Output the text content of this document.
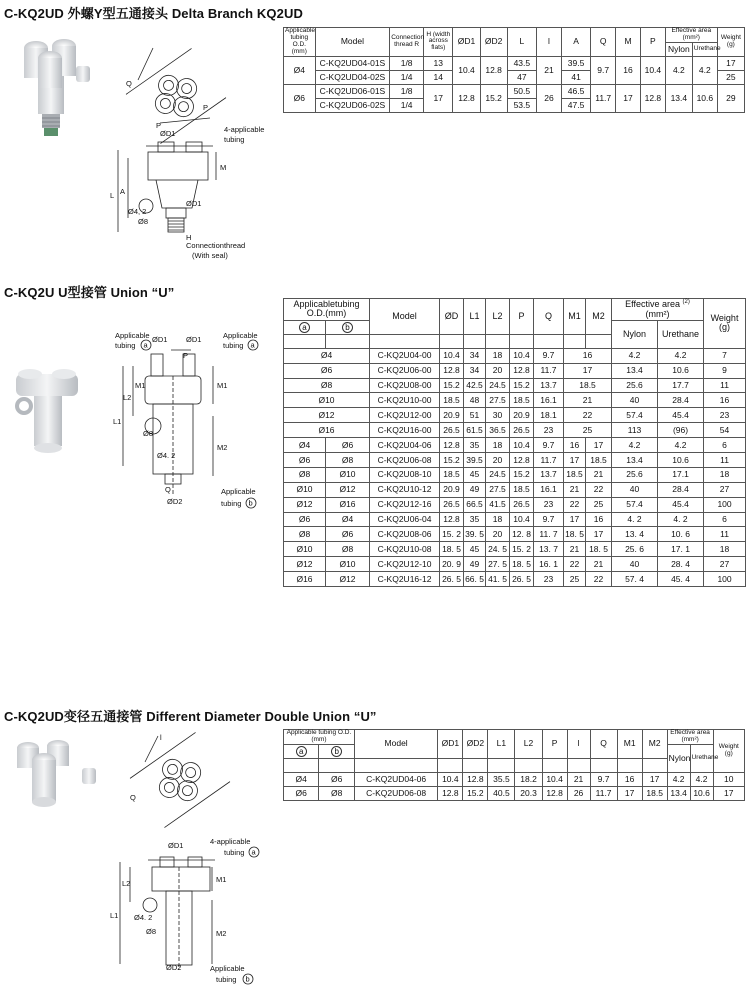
C-KQ2UD 外螺Y型五通接头 Delta Branch KQ2UD
Q
P
P
ØD1	4-applicable
tubing
M
L A
ØD1
Ø4, 2
Ø8
H
Connectionthread
(With seal)
Applicable tubing O.D. (mm)	Model	Connection thread R	H (width across flats)	ØD1	ØD2	L	l	A	Q	M	P	Effective area (mm²)		Weight (g)
												Nylon	Urethane	
Ø4	C-KQ2UD04-01S	1/8	13	10.4	12.8	43.5	21	39.5	9.7	16	10.4	4.2	4.2	17
	C-KQ2UD04-02S	1/4	14			47		41						25
Ø6	C-KQ2UD06-01S	1/8	17	12.8	15.2	50.5	26	46.5	11.7	17	12.8	13.4	10.6	29
	C-KQ2UD06-02S	1/4				53.5		47.5						
C-KQ2U U型接管 Union “U”
Applicable
tubing a
ØD1 ØD1	Applicable
tubing a
P
M1	M1
L2
L1
Ø8
Ø4. 2
M2
Q
ØD2
Applicable
tubing b
Applicabletubing O.D.(mm)		Model	ØD	L1	L2	P	Q	M1	M2	Effective area $^{(2)}$
(mm²)		Weight (g)
a	b									Nylon	Urethane	

Ø4		C-KQ2U04-00	10.4	34	18	10.4	9.7	16		4.2	4.2	7
Ø6		C-KQ2U06-00	12.8	34	20	12.8	11.7	17		13.4	10.6	9
Ø8		C-KQ2U08-00	15.2	42.5	24.5	15.2	13.7	18.5		25.6	17.7	11
Ø10		C-KQ2U10-00	18.5	48	27.5	18.5	16.1	21		40	28.4	16
Ø12		C-KQ2U12-00	20.9	51	30	20.9	18.1	22		57.4	45.4	23
Ø16		C-KQ2U16-00	26.5	61.5	36.5	26.5	23	25		113	(96)	54
Ø4	Ø6	C-KQ2U04-06	12.8	35	18	10.4	9.7	16	17	4.2	4.2	6
Ø6	Ø8	C-KQ2U06-08	15.2	39.5	20	12.8	11.7	17	18.5	13.4	10.6	11
Ø8	Ø10	C-KQ2U08-10	18.5	45	24.5	15.2	13.7	18.5	21	25.6	17.1	18
Ø10	Ø12	C-KQ2U10-12	20.9	49	27.5	18.5	16.1	21	22	40	28.4	27
Ø12	Ø16	C-KQ2U12-16	26.5	66.5	41.5	26.5	23	22	25	57.4	45.4	100
Ø6	Ø4	C-KQ2U06-04	12.8	35	18	10.4	9.7	17	16	4. 2	4. 2	6
Ø8	Ø6	C-KQ2U08-06	15. 2	39. 5	20	12. 8	11. 7	18. 5	17	13. 4	10. 6	11
Ø10	Ø8	C-KQ2U10-08	18. 5	45	24. 5	15. 2	13. 7	21	18. 5	25. 6	17. 1	18
Ø12	Ø10	C-KQ2U12-10	20. 9	49	27. 5	18. 5	16. 1	22	21	40	28. 4	27
Ø16	Ø12	C-KQ2U16-12	26. 5	66. 5	41. 5	26. 5	23	25	22	57. 4	45. 4	100
C-KQ2UD变径五通接管 Different Diameter Double Union “U”
Q
l
ØD1	4-applicable
tubing a
M1
L2
L1 Ø4. 2
Ø8	M2
ØD2	Applicable
tubing b
Applicable tubing O.D.(mm)		Model	ØD1	ØD2	L1	L2	P	l	Q	M1	M2	Effective area (mm²)		Weight (g)
a	b											Nylon	Urethane	

Ø4	Ø6	C-KQ2UD04-06	10.4	12.8	35.5	18.2	10.4	21	9.7	16	17	4.2	4.2	10
Ø6	Ø8	C-KQ2UD06-08	12.8	15.2	40.5	20.3	12.8	26	11.7	17	18.5	13.4	10.6	17
